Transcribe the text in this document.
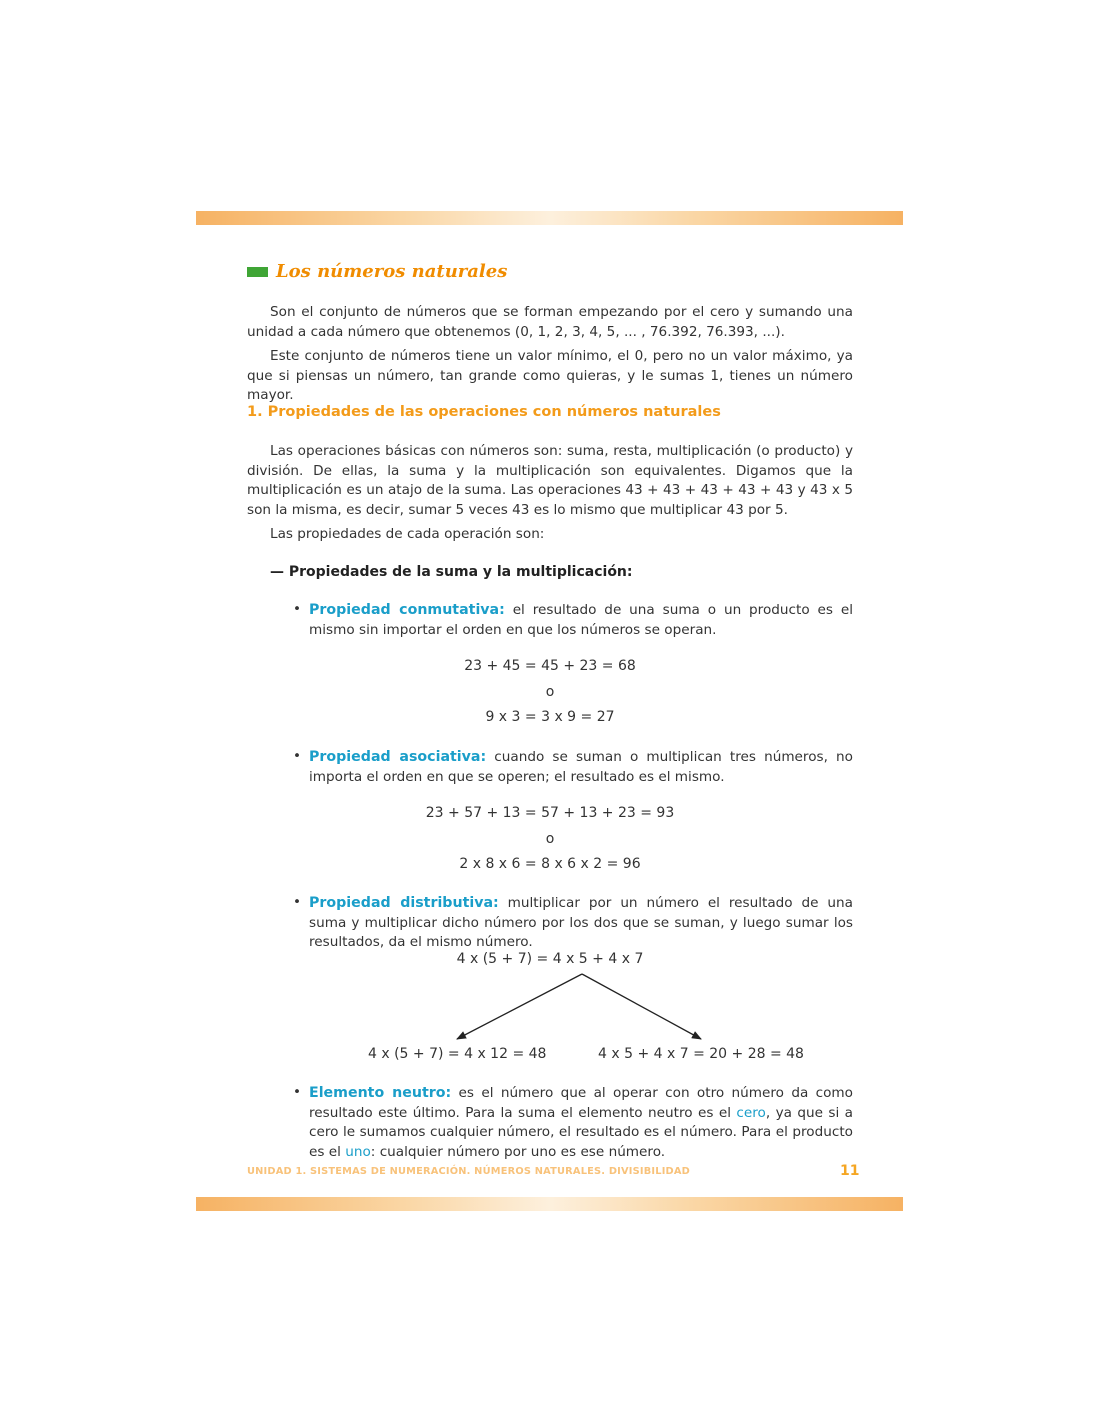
Los números naturales

Son el conjunto de números que se forman empezando por el cero y sumando una unidad a cada número que obtenemos (0, 1, 2, 3, 4, 5, ... , 76.392, 76.393, ...).

Este conjunto de números tiene un valor mínimo, el 0, pero no un valor máximo, ya que si piensas un número, tan grande como quieras, y le sumas 1, tienes un número mayor.

1. Propiedades de las operaciones con números naturales

Las operaciones básicas con números son: suma, resta, multiplicación (o producto) y división. De ellas, la suma y la multiplicación son equivalentes. Digamos que la multiplicación es un atajo de la suma. Las operaciones 43 + 43 + 43 + 43 + 43 y 43 x 5 son la misma, es decir, sumar 5 veces 43 es lo mismo que multiplicar 43 por 5.

Las propiedades de cada operación son:

— Propiedades de la suma y la multiplicación:
• Propiedad conmutativa: el resultado de una suma o un producto es el mismo sin importar el orden en que los números se operan.

23 + 45 = 45 + 23 = 68
o
9 x 3 = 3 x 9 = 27
• Propiedad asociativa: cuando se suman o multiplican tres números, no importa el orden en que se operen; el resultado es el mismo.

23 + 57 + 13 = 57 + 13 + 23 = 93
o
2 x 8 x 6 = 8 x 6 x 2 = 96
• Propiedad distributiva: multiplicar por un número el resultado de una suma y multiplicar dicho número por los dos que se suman, y luego sumar los resultados, da el mismo número.

4 x (5 + 7) = 4 x 5 + 4 x 7
4 x (5 + 7) = 4 x 12 = 48	4 x 5 + 4 x 7 = 20 + 28 = 48
• Elemento neutro: es el número que al operar con otro número da como resultado este último. Para la suma el elemento neutro es el cero, ya que si a cero le sumamos cualquier número, el resultado es el número. Para el producto es el uno: cualquier número por uno es ese número.

UNIDAD 1. SISTEMAS DE NUMERACIÓN. NÚMEROS NATURALES. DIVISIBILIDAD	11
